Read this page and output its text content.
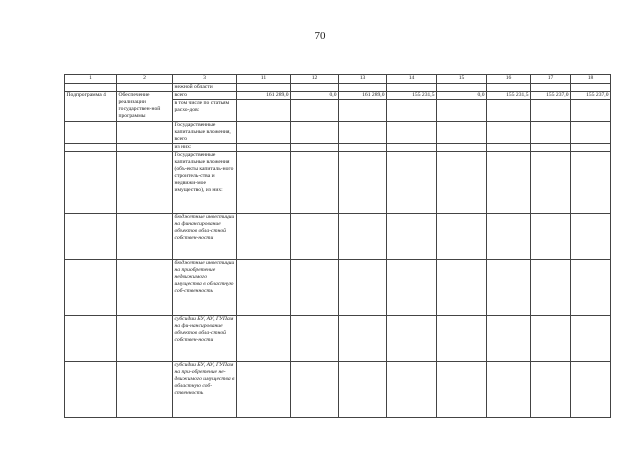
70
1	2	3	11	12	13	14	15	16	17	18
		нежной области								
Подпрограмма 4	Обеспечение реализации государствен-ной программы	всего	161 289,0	0,0	161 289,0	155 231,5	0,0	155 231,5	155 237,0	155 237,0
		в том числе по статьям расхо-дов:								
		Государственные капитальные вложения, всего								
		из них:								
		Государственные капитальные вложения (объ-екты капиталь-ного строитель-ства и недвижи-мое имущество), из них:								
		бюджетные инвестиции на финансирование объектов обла-стной собствен-ности								
		бюджетные инвестиции на приобретение недвижимого имущества в областную соб-ственность								
		субсидии БУ, АУ, ГУПам на фи-нансирование объектов обла-стной собствен-ности								
		субсидии БУ, АУ, ГУПам на при-обретение не-движимого имущества в областную соб-ственность								
